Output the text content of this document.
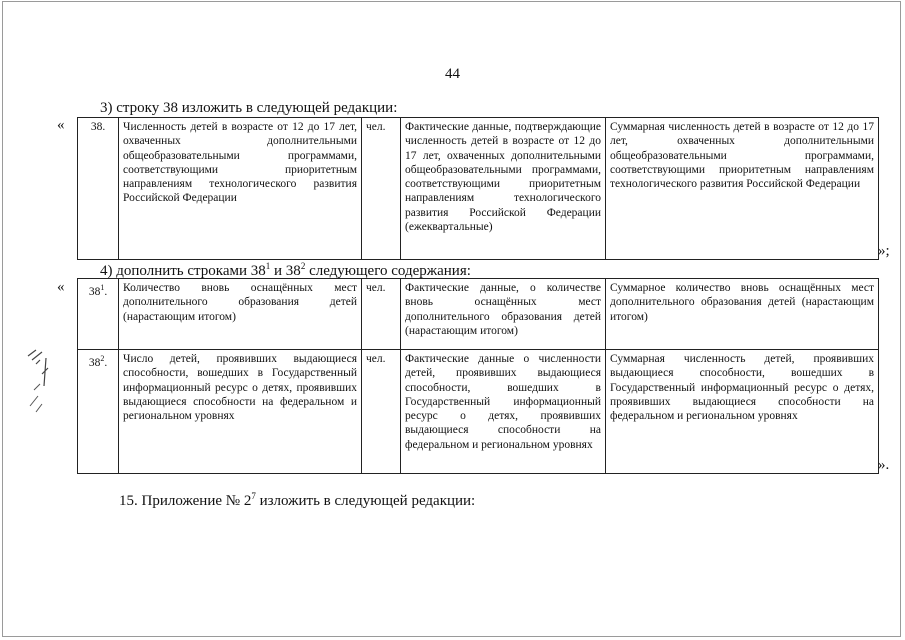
44
3) строку 38 изложить в следующей редакции:
« 38.	Численность детей в возрасте от 12 до 17 лет, охваченных дополнительными общеобразовательными программами, соответствующими приоритетным направлениям технологического развития Российской Федерации	чел.	Фактические данные, подтверждающие численность детей в возрасте от 12 до 17 лет, охваченных дополнительными общеобразовательными программами, соответствующими приоритетным направлениям технологического развития Российской Федерации (ежеквартальные)	Суммарная численность детей в возрасте от 12 до 17 лет, охваченных дополнительными общеобразовательными программами, соответствующими приоритетным направлениям технологического развития Российской Федерации
»;
4) дополнить строками $38^1$ и $38^2$ следующего содержания:
« $38^1$.	Количество вновь оснащённых мест дополнительного образования детей (нарастающим итогом)	чел.	Фактические данные, о количестве вновь оснащённых мест дополнительного образования детей (нарастающим итогом)	Суммарное количество вновь оснащённых мест дополнительного образования детей (нарастающим итогом)
$38^2$.	Число детей, проявивших выдающиеся способности, вошедших в Государственный информационный ресурс о детях, проявивших выдающиеся способности на федеральном и региональном уровнях	чел.	Фактические данные о численности детей, проявивших выдающиеся способности, вошедших в Государственный информационный ресурс о детях, проявивших выдающиеся способности на федеральном и региональном уровнях	Суммарная численность детей, проявивших выдающиеся способности, вошедших в Государственный информационный ресурс о детях, проявивших выдающиеся способности на федеральном и региональном уровнях
».
15. Приложение № $2^7$ изложить в следующей редакции:
